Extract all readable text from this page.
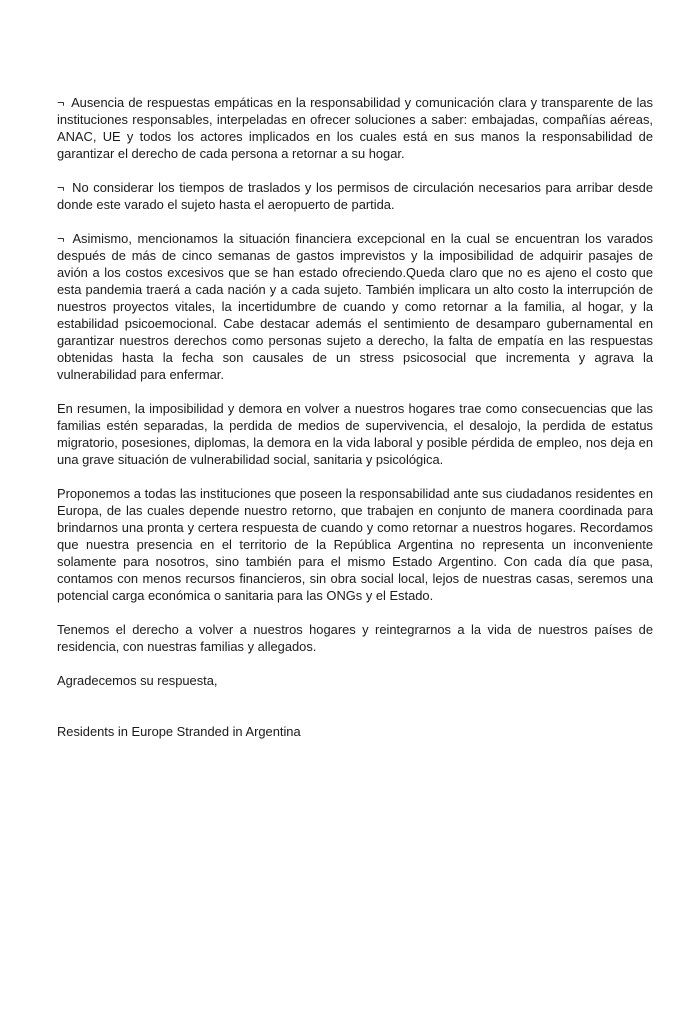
¬ Ausencia de respuestas empáticas en la responsabilidad y comunicación clara y transparente de las instituciones responsables, interpeladas en ofrecer soluciones a saber: embajadas, compañías aéreas, ANAC, UE y todos los actores implicados en los cuales está en sus manos la responsabilidad de garantizar el derecho de cada persona a retornar a su hogar.

¬ No considerar los tiempos de traslados y los permisos de circulación necesarios para arribar desde donde este varado el sujeto hasta el aeropuerto de partida.

¬ Asimismo, mencionamos la situación financiera excepcional en la cual se encuentran los varados después de más de cinco semanas de gastos imprevistos y la imposibilidad de adquirir pasajes de avión a los costos excesivos que se han estado ofreciendo.Queda claro que no es ajeno el costo que esta pandemia traerá a cada nación y a cada sujeto. También implicara un alto costo la interrupción de nuestros proyectos vitales, la incertidumbre de cuando y como retornar a la familia, al hogar, y la estabilidad psicoemocional. Cabe destacar además el sentimiento de desamparo gubernamental en garantizar nuestros derechos como personas sujeto a derecho, la falta de empatía en las respuestas obtenidas hasta la fecha son causales de un stress psicosocial que incrementa y agrava la vulnerabilidad para enfermar.

En resumen, la imposibilidad y demora en volver a nuestros hogares trae como consecuencias que las familias estén separadas, la perdida de medios de supervivencia, el desalojo, la perdida de estatus migratorio, posesiones, diplomas, la demora en la vida laboral y posible pérdida de empleo, nos deja en una grave situación de vulnerabilidad social, sanitaria y psicológica.

Proponemos a todas las instituciones que poseen la responsabilidad ante sus ciudadanos residentes en Europa, de las cuales depende nuestro retorno, que trabajen en conjunto de manera coordinada para brindarnos una pronta y certera respuesta de cuando y como retornar a nuestros hogares. Recordamos que nuestra presencia en el territorio de la República Argentina no representa un inconveniente solamente para nosotros, sino también para el mismo Estado Argentino. Con cada día que pasa, contamos con menos recursos financieros, sin obra social local, lejos de nuestras casas, seremos una potencial carga económica o sanitaria para las ONGs y el Estado.

Tenemos el derecho a volver a nuestros hogares y reintegrarnos a la vida de nuestros países de residencia, con nuestras familias y allegados.

Agradecemos su respuesta,

Residents in Europe Stranded in Argentina
